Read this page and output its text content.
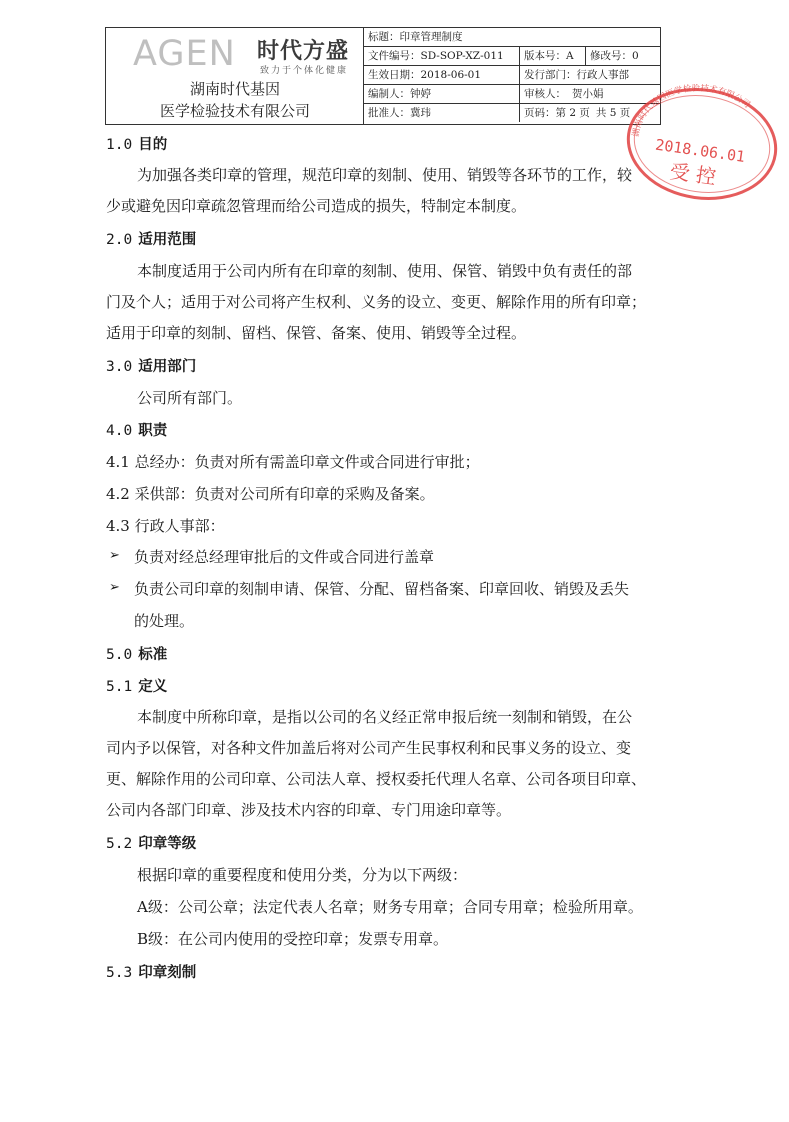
AGEN 时代方盛
致力于个体化健康
湖南时代基因
医学检验技术有限公司
标题：印章管理制度
文件编号：SD-SOP-XZ-011	版本号：A	修改号：0
生效日期：2018-06-01	发行部门：行政人事部
编制人：钟婷	审核人： 贺小娟
批准人：冀玮	页码：第 2 页 共 5 页
湖南时代基因医学检验技术有限公司
2018.06.01
受 控
1.0 目的
为加强各类印章的管理，规范印章的刻制、使用、销毁等各环节的工作，较
少或避免因印章疏忽管理而给公司造成的损失，特制定本制度。
2.0 适用范围
本制度适用于公司内所有在印章的刻制、使用、保管、销毁中负有责任的部
门及个人；适用于对公司将产生权利、义务的设立、变更、解除作用的所有印章；
适用于印章的刻制、留档、保管、备案、使用、销毁等全过程。
3.0 适用部门
公司所有部门。
4.0 职责
4.1 总经办：负责对所有需盖印章文件或合同进行审批；
4.2 采供部：负责对公司所有印章的采购及备案。
4.3 行政人事部：
➢ 负责对经总经理审批后的文件或合同进行盖章
➢ 负责公司印章的刻制申请、保管、分配、留档备案、印章回收、销毁及丢失
的处理。
5.0 标准
5.1 定义
本制度中所称印章，是指以公司的名义经正常申报后统一刻制和销毁，在公
司内予以保管，对各种文件加盖后将对公司产生民事权利和民事义务的设立、变
更、解除作用的公司印章、公司法人章、授权委托代理人名章、公司各项目印章、
公司内各部门印章、涉及技术内容的印章、专门用途印章等。
5.2 印章等级
根据印章的重要程度和使用分类，分为以下两级：
A级：公司公章；法定代表人名章；财务专用章；合同专用章；检验所用章。
B级：在公司内使用的受控印章；发票专用章。
5.3 印章刻制
